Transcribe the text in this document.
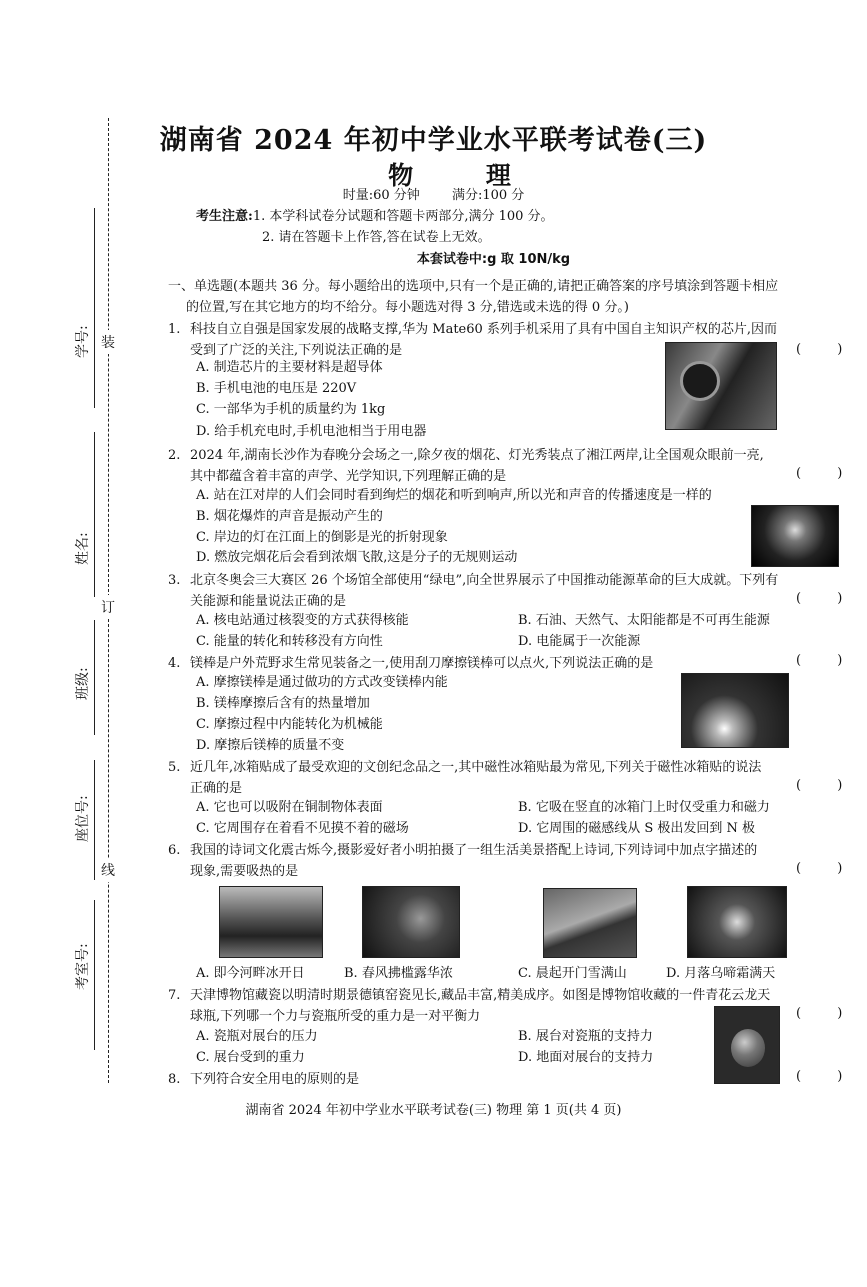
装
订
线
学号:
姓名:
班级:
座位号:
考室号:
湖南省 2024 年初中学业水平联考试卷(三)
物 理
时量:60 分钟 满分:100 分
考生注意:1. 本学科试卷分试题和答题卡两部分,满分 100 分。
2. 请在答题卡上作答,答在试卷上无效。
本套试卷中:g 取 10N/kg
一、单选题(本题共 36 分。每小题给出的选项中,只有一个是正确的,请把正确答案的序号填涂到答题卡相应
的位置,写在其它地方的均不给分。每小题选对得 3 分,错选或未选的得 0 分。)
1. 科技自立自强是国家发展的战略支撑,华为 Mate60 系列手机采用了具有中国自主知识产权的芯片,因而
受到了广泛的关注,下列说法正确的是	( )
A. 制造芯片的主要材料是超导体
B. 手机电池的电压是 220V
C. 一部华为手机的质量约为 1kg
D. 给手机充电时,手机电池相当于用电器
2. 2024 年,湖南长沙作为春晚分会场之一,除夕夜的烟花、灯光秀装点了湘江两岸,让全国观众眼前一亮,
其中都蕴含着丰富的声学、光学知识,下列理解正确的是	( )
A. 站在江对岸的人们会同时看到绚烂的烟花和听到响声,所以光和声音的传播速度是一样的
B. 烟花爆炸的声音是振动产生的
C. 岸边的灯在江面上的倒影是光的折射现象
D. 燃放完烟花后会看到浓烟飞散,这是分子的无规则运动
3. 北京冬奥会三大赛区 26 个场馆全部使用“绿电”,向全世界展示了中国推动能源革命的巨大成就。下列有
关能源和能量说法正确的是	( )
A. 核电站通过核裂变的方式获得核能	B. 石油、天然气、太阳能都是不可再生能源
C. 能量的转化和转移没有方向性	D. 电能属于一次能源
4. 镁棒是户外荒野求生常见装备之一,使用刮刀摩擦镁棒可以点火,下列说法正确的是	( )
A. 摩擦镁棒是通过做功的方式改变镁棒内能
B. 镁棒摩擦后含有的热量增加
C. 摩擦过程中内能转化为机械能
D. 摩擦后镁棒的质量不变
5. 近几年,冰箱贴成了最受欢迎的文创纪念品之一,其中磁性冰箱贴最为常见,下列关于磁性冰箱贴的说法
正确的是	( )
A. 它也可以吸附在铜制物体表面	B. 它吸在竖直的冰箱门上时仅受重力和磁力
C. 它周围存在着看不见摸不着的磁场	D. 它周围的磁感线从 S 极出发回到 N 极
6. 我国的诗词文化震古烁今,摄影爱好者小明拍摄了一组生活美景搭配上诗词,下列诗词中加点字描述的
现象,需要吸热的是	( )
A. 即今河畔冰开日	B. 春风拂槛露华浓	C. 晨起开门雪满山	D. 月落乌啼霜满天
7. 天津博物馆藏瓷以明清时期景德镇窑瓷见长,藏品丰富,精美成序。如图是博物馆收藏的一件青花云龙天
球瓶,下列哪一个力与瓷瓶所受的重力是一对平衡力	( )
A. 瓷瓶对展台的压力	B. 展台对瓷瓶的支持力
C. 展台受到的重力	D. 地面对展台的支持力
8. 下列符合安全用电的原则的是	( )
湖南省 2024 年初中学业水平联考试卷(三) 物理 第 1 页(共 4 页)
